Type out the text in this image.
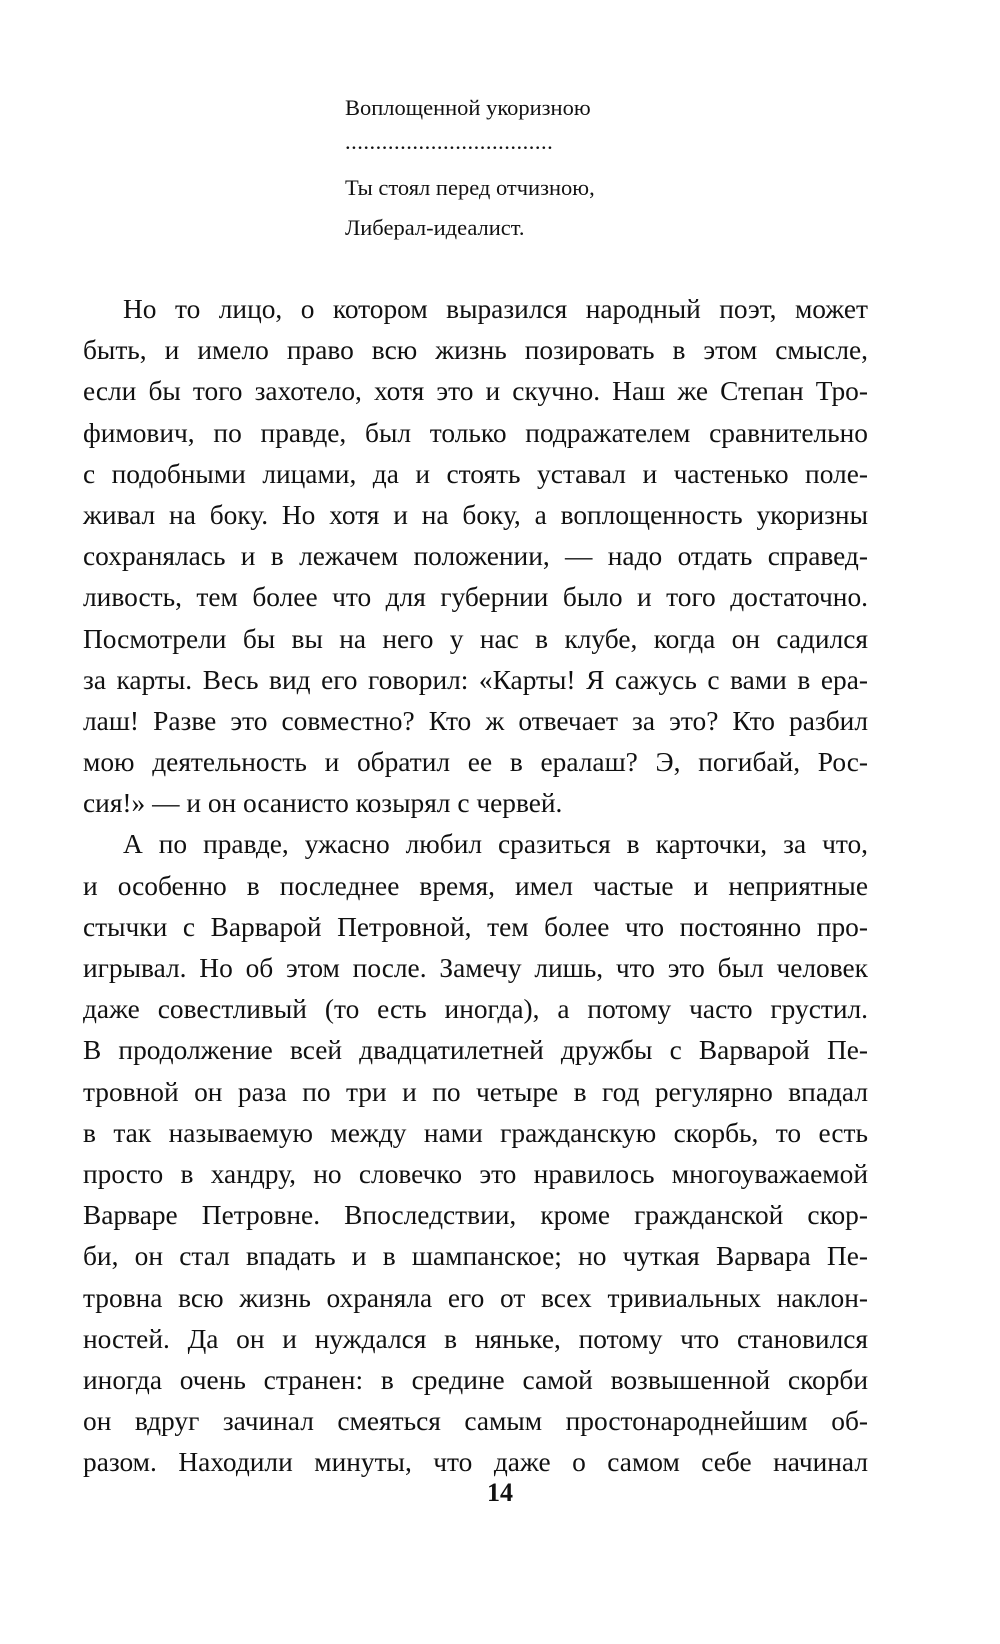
Воплощенной укоризною
..................................
Ты стоял перед отчизною,
Либерал-идеалист.
Но то лицо, о котором выразился народный поэт, может
быть, и имело право всю жизнь позировать в этом смысле,
если бы того захотело, хотя это и скучно. Наш же Степан Тро-
фимович, по правде, был только подражателем сравнительно
с подобными лицами, да и стоять уставал и частенько поле-
живал на боку. Но хотя и на боку, а воплощенность укоризны
сохранялась и в лежачем положении, — надо отдать справед-
ливость, тем более что для губернии было и того достаточно.
Посмотрели бы вы на него у нас в клубе, когда он садился
за карты. Весь вид его говорил: «Карты! Я сажусь с вами в ера-
лаш! Разве это совместно? Кто ж отвечает за это? Кто разбил
мою деятельность и обратил ее в ералаш? Э, погибай, Рос-
сия!» — и он осанисто козырял с червей.
А по правде, ужасно любил сразиться в карточки, за что,
и особенно в последнее время, имел частые и неприятные
стычки с Варварой Петровной, тем более что постоянно про-
игрывал. Но об этом после. Замечу лишь, что это был человек
даже совестливый (то есть иногда), а потому часто грустил.
В продолжение всей двадцатилетней дружбы с Варварой Пе-
тровной он раза по три и по четыре в год регулярно впадал
в так называемую между нами гражданскую скорбь, то есть
просто в хандру, но словечко это нравилось многоуважаемой
Варваре Петровне. Впоследствии, кроме гражданской скор-
би, он стал впадать и в шампанское; но чуткая Варвара Пе-
тровна всю жизнь охраняла его от всех тривиальных наклон-
ностей. Да он и нуждался в няньке, потому что становился
иногда очень странен: в средине самой возвышенной скорби
он вдруг зачинал смеяться самым простонароднейшим об-
разом. Находили минуты, что даже о самом себе начинал
14
